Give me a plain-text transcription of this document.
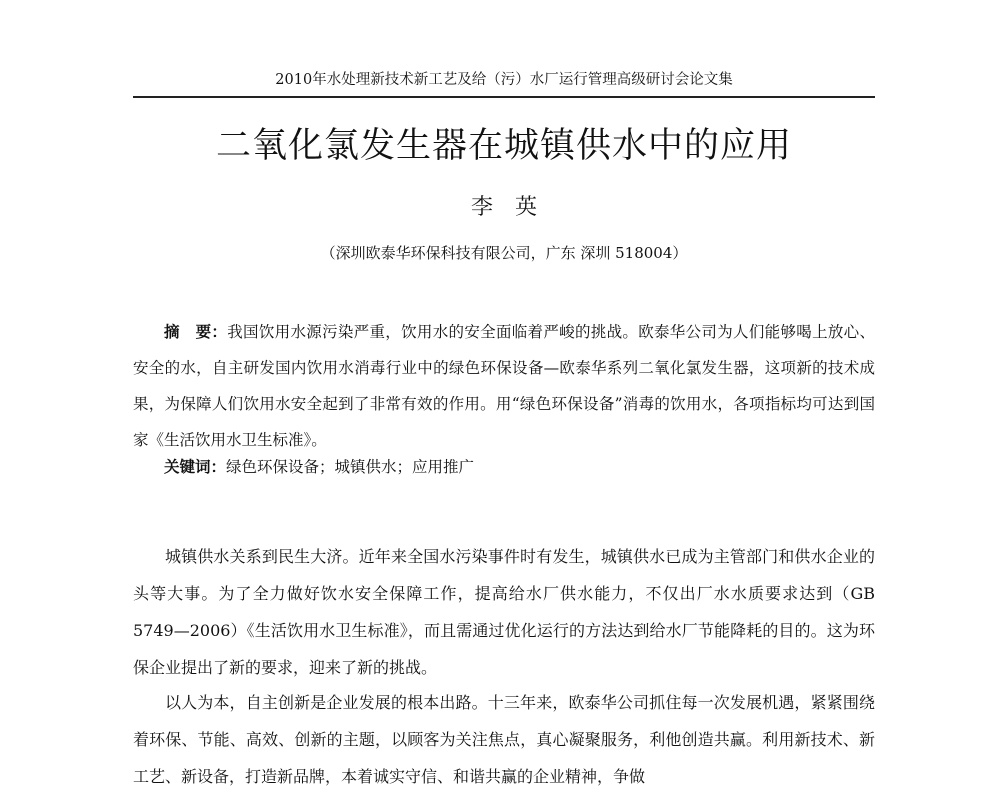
2010年水处理新技术新工艺及给（污）水厂运行管理高级研讨会论文集
二氧化氯发生器在城镇供水中的应用
李英
（深圳欧泰华环保科技有限公司，广东 深圳 518004）
摘　要：我国饮用水源污染严重，饮用水的安全面临着严峻的挑战。欧泰华公司为人们能够喝上放心、安全的水，自主研发国内饮用水消毒行业中的绿色环保设备—欧泰华系列二氧化氯发生器，这项新的技术成果，为保障人们饮用水安全起到了非常有效的作用。用“绿色环保设备”消毒的饮用水，各项指标均可达到国家《生活饮用水卫生标准》。
关键词：绿色环保设备；城镇供水；应用推广

城镇供水关系到民生大济。近年来全国水污染事件时有发生，城镇供水已成为主管部门和供水企业的头等大事。为了全力做好饮水安全保障工作，提高给水厂供水能力，不仅出厂水水质要求达到（GB 5749—2006）《生活饮用水卫生标准》，而且需通过优化运行的方法达到给水厂节能降耗的目的。这为环保企业提出了新的要求，迎来了新的挑战。

以人为本，自主创新是企业发展的根本出路。十三年来，欧泰华公司抓住每一次发展机遇，紧紧围绕着环保、节能、高效、创新的主题，以顾客为关注焦点，真心凝聚服务，利他创造共赢。利用新技术、新工艺、新设备，打造新品牌，本着诚实守信、和谐共赢的企业精神，争做
